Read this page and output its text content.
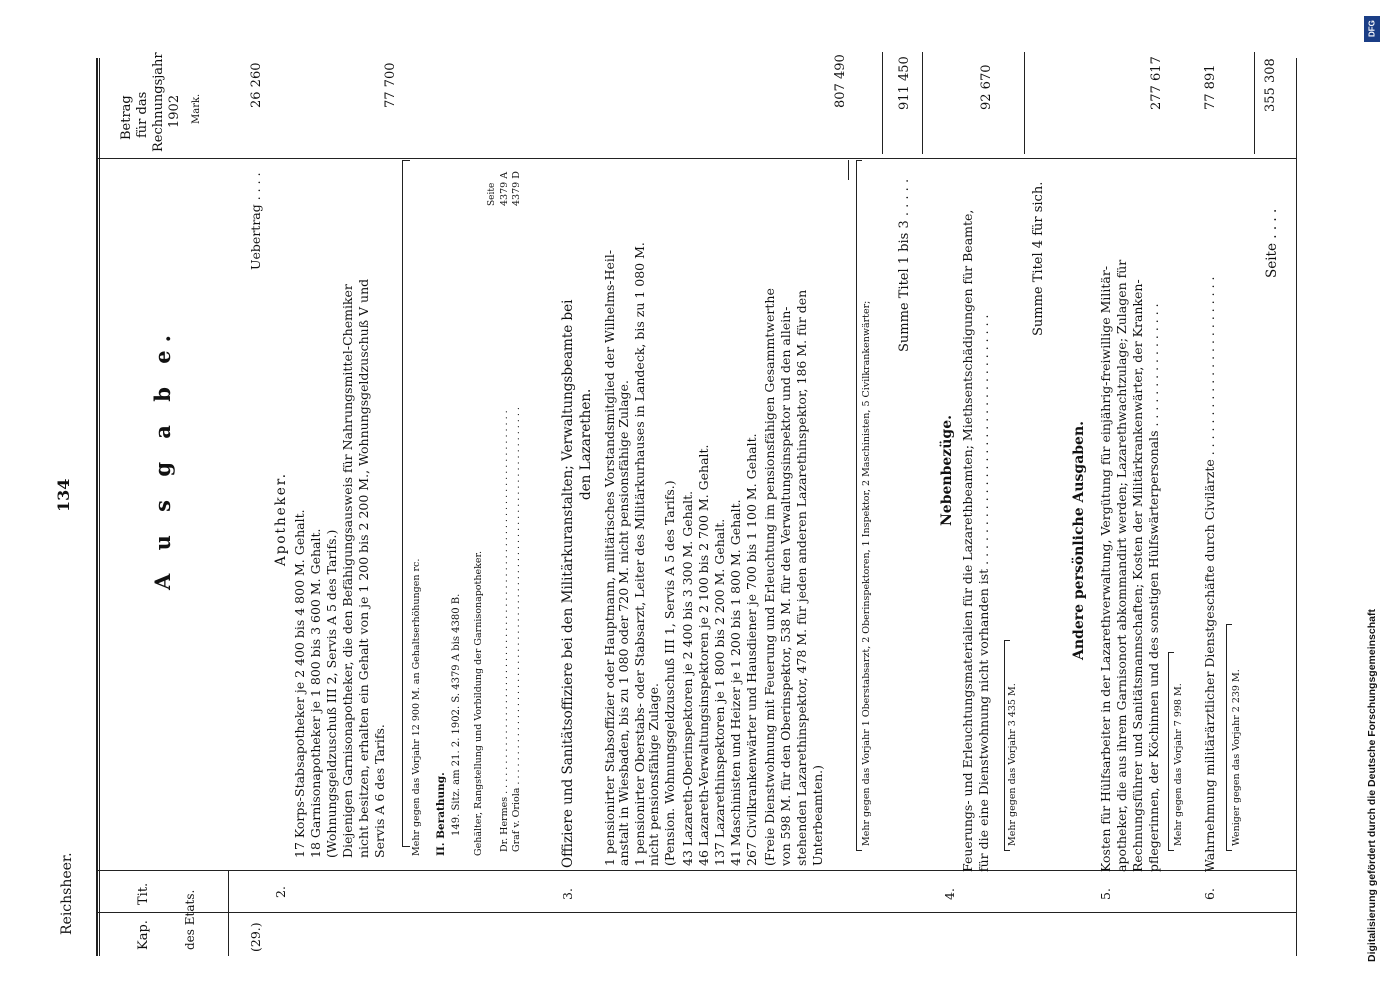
Reichsheer.
134
Kap.
Tit.	des Etats.
A u s g a b e.
Betrag für das Rechnungsjahr 1902 Mark.
(29.)
Uebertrag . . . .
26 260
2.
Apotheker. 17 Korps-Stabsapotheker je 2 400 bis 4 800 M. Gehalt. 18 Garnisonapotheker je 1 800 bis 3 600 M. Gehalt. (Wohnungsgeldzuschuß III 2, Servis A 5 des Tarifs.) Diejenigen Garnisonapotheker, die den Befähigungsausweis für Nahrungsmittel-Chemiker nicht besitzen, erhalten ein Gehalt von je 1 200 bis 2 200 M., Wohnungsgeldzuschuß V und Servis A 6 des Tarifs.
77 700
Mehr gegen das Vorjahr 12 900 M. an Gehaltserhöhungen rc. II. Berathung. 149. Sitz. am 21. 2. 1902. S. 4379 A bis 4380 B. Gehälter, Rangstellung und Vorbildung der Garnisonapotheker. Dr. Hermes . . . . . . . . . . . . . . . . . . . . . . . . . . . . . . . . . . . . . . . . . . . . . . . . . . . . . . . . . . . . . . . . Graf v. Oriola . . . . . . . . . . . . . . . . . . . . . . . . . . . . . . . . . . . . . . . . . . . . . . . . . . . . . . . . . . . . . . .
Seite 4379 A 4379 D
3.
Offiziere und Sanitätsoffiziere bei den Militärkuranstalten; Verwaltungsbeamte bei den Lazarethen. 1 pensionirter Stabsoffizier oder Hauptmann, militärisches Vorstandsmitglied der Wilhelms-Heil- anstalt in Wiesbaden, bis zu 1 080 oder 720 M. nicht pensionsfähige Zulage. 1 pensionirter Oberstabs- oder Stabsarzt, Leiter des Militärkurhauses in Landeck, bis zu 1 080 M. nicht pensionsfähige Zulage. (Pension. Wohnungsgeldzuschuß III 1, Servis A 5 des Tarifs.) 43 Lazareth-Oberinspektoren je 2 400 bis 3 300 M. Gehalt. 46 Lazareth-Verwaltungsinspektoren je 2 100 bis 2 700 M. Gehalt. 137 Lazarethinspektoren je 1 800 bis 2 200 M. Gehalt. 41 Maschinisten und Heizer je 1 200 bis 1 800 M. Gehalt. 267 Civilkrankenwärter und Hausdiener je 700 bis 1 100 M. Gehalt. (Freie Dienstwohnung mit Feuerung und Erleuchtung im pensionsfähigen Gesammtwerthe von 598 M. für den Oberinspektor, 538 M. für den Verwaltungsinspektor und den allein- stehenden Lazarethinspektor, 478 M. für jeden anderen Lazarethinspektor, 186 M. für den Unterbeamten.)
807 490
Mehr gegen das Vorjahr 1 Oberstabsarzt, 2 Oberinspektoren, 1 Inspektor, 2 Maschinisten, 5 Civilkrankenwärter;
Summe Titel 1 bis 3 . . . . .
911 450
Nebenbezüge.
4.
Feuerungs- und Erleuchtungsmaterialien für die Lazarethbeamten; Miethsentschädigungen für Beamte, für die eine Dienstwohnung nicht vorhanden ist . . . . . . . . . . . . . . . . . . . . . . . . . . . . . . . .
92 670
Mehr gegen das Vorjahr 3 435 M.
Summe Titel 4 für sich.
Andere persönliche Ausgaben.
5.
Kosten für Hülfsarbeiter in der Lazarethverwaltung, Vergütung für einjährig-freiwillige Militär- apotheker, die aus ihrem Garnisonort abkommandirt werden; Lazarethwachtzulage; Zulagen für Rechnungsführer und Sanitätsmannschaften; Kosten der Militärkrankenwärter, der Kranken- pflegerinnen, der Köchinnen und des sonstigen Hülfswärterpersonals . . . . . . . . . . . . . . . .
277 617
Mehr gegen das Vorjahr 7 998 M.
6.
Wahrnehmung militärärztlicher Dienstgeschäfte durch Civilärzte . . . . . . . . . . . . . . . . . . . . . . .
77 891
Weniger gegen das Vorjahr 2 239 M.
Seite . . . .
355 308
DFG
Digitalisierung gefördert durch die Deutsche Forschungsgemeinschaft
